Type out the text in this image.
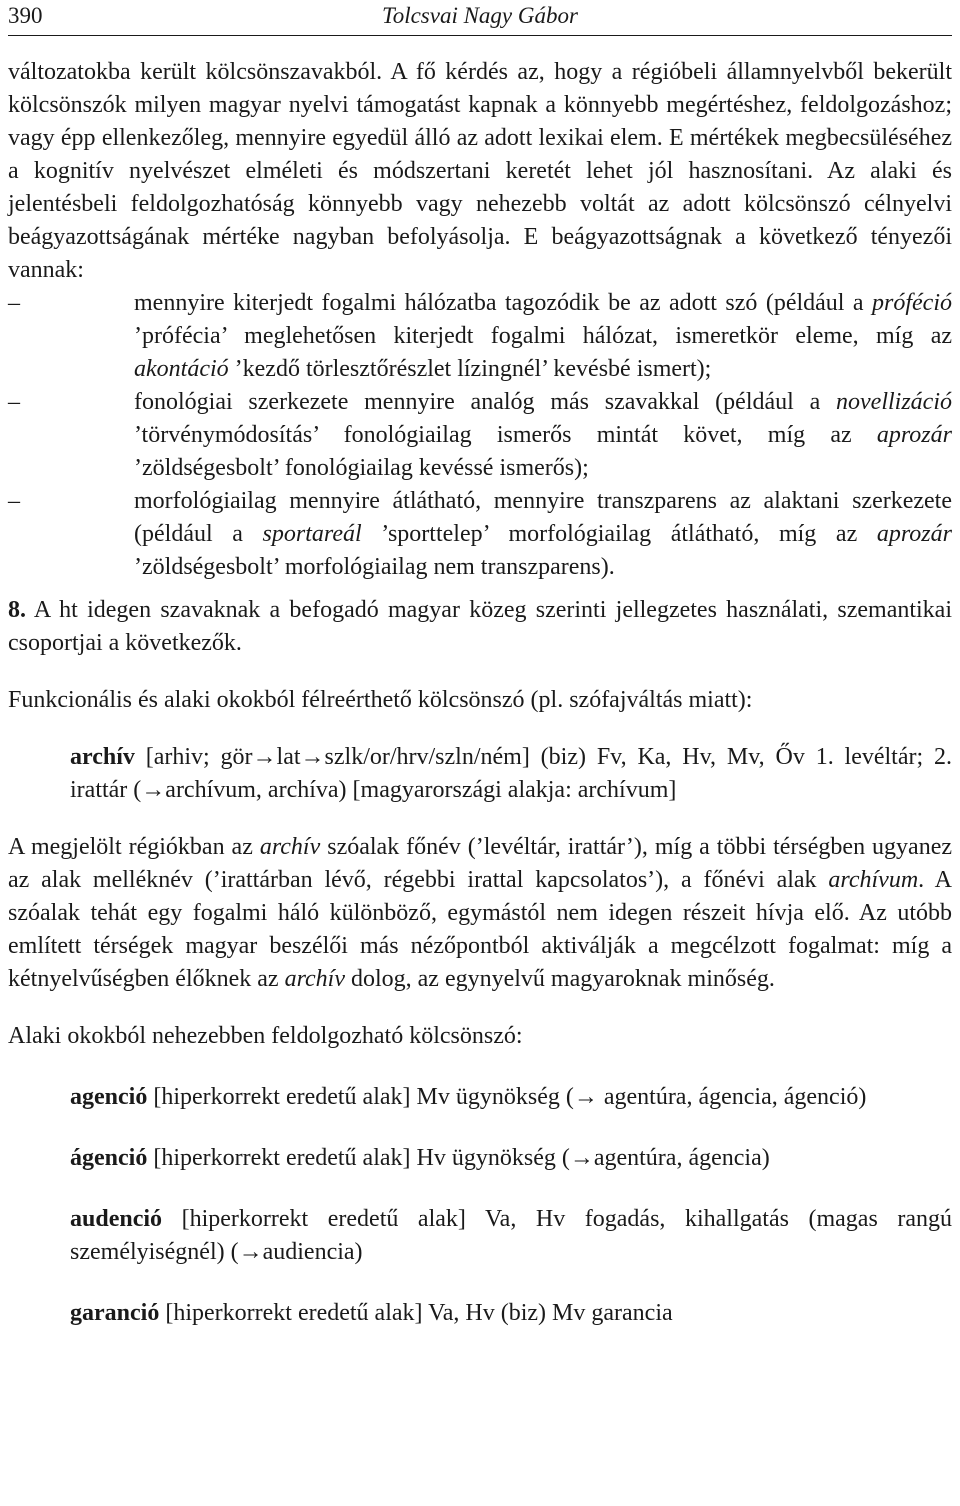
390	Tolcsvai Nagy Gábor

változatokba került kölcsönszavakból. A fő kérdés az, hogy a régióbeli államnyelvből bekerült kölcsönszók milyen magyar nyelvi támogatást kapnak a könnyebb megértéshez, feldolgozáshoz; vagy épp ellenkezőleg, mennyire egyedül álló az adott lexikai elem. E mértékek megbecsüléséhez a kognitív nyelvészet elméleti és módszertani keretét lehet jól hasznosítani. Az alaki és jelentésbeli feldolgozhatóság könnyebb vagy nehezebb voltát az adott kölcsönszó célnyelvi beágyazottságának mértéke nagyban befolyásolja. E beágyazottságnak a következő tényezői vannak:

–	mennyire kiterjedt fogalmi hálózatba tagozódik be az adott szó (például a próféció ’prófécia’ meglehetősen kiterjedt fogalmi hálózat, ismeretkör eleme, míg az akontáció ’kezdő törlesztőrészlet lízingnél’ kevésbé ismert);
–	fonológiai szerkezete mennyire analóg más szavakkal (például a novellizáció ’törvénymódosítás’ fonológiailag ismerős mintát követ, míg az aprozár ’zöldségesbolt’ fonológiailag kevéssé ismerős);
–	morfológiailag mennyire átlátható, mennyire transzparens az alaktani szerkezete (például a sportareál ’sporttelep’ morfológiailag átlátható, míg az aprozár ’zöldségesbolt’ morfológiailag nem transzparens).

8. A ht idegen szavaknak a befogadó magyar közeg szerinti jellegzetes használati, szemantikai csoportjai a következők.

Funkcionális és alaki okokból félreérthető kölcsönszó (pl. szófajváltás miatt):

archív [arhiv; gör→lat→szlk/or/hrv/szln/ném] (biz) Fv, Ka, Hv, Mv, Őv 1. levéltár; 2. irattár (→archívum, archíva) [magyarországi alakja: archívum]

A megjelölt régiókban az archív szóalak főnév (’levéltár, irattár’), míg a többi térségben ugyanez az alak melléknév (’irattárban lévő, régebbi irattal kapcsolatos’), a főnévi alak archívum. A szóalak tehát egy fogalmi háló különböző, egymástól nem idegen részeit hívja elő. Az utóbb említett térségek magyar beszélői más nézőpontból aktiválják a megcélzott fogalmat: míg a kétnyelvűségben élőknek az archív dolog, az egynyelvű magyaroknak minőség.

Alaki okokból nehezebben feldolgozható kölcsönszó:

agenció [hiperkorrekt eredetű alak] Mv ügynökség (→ agentúra, ágencia, ágenció)

ágenció [hiperkorrekt eredetű alak] Hv ügynökség (→agentúra, ágencia)

audenció [hiperkorrekt eredetű alak] Va, Hv fogadás, kihallgatás (magas rangú személyiségnél) (→audiencia)

garanció [hiperkorrekt eredetű alak] Va, Hv (biz) Mv garancia
